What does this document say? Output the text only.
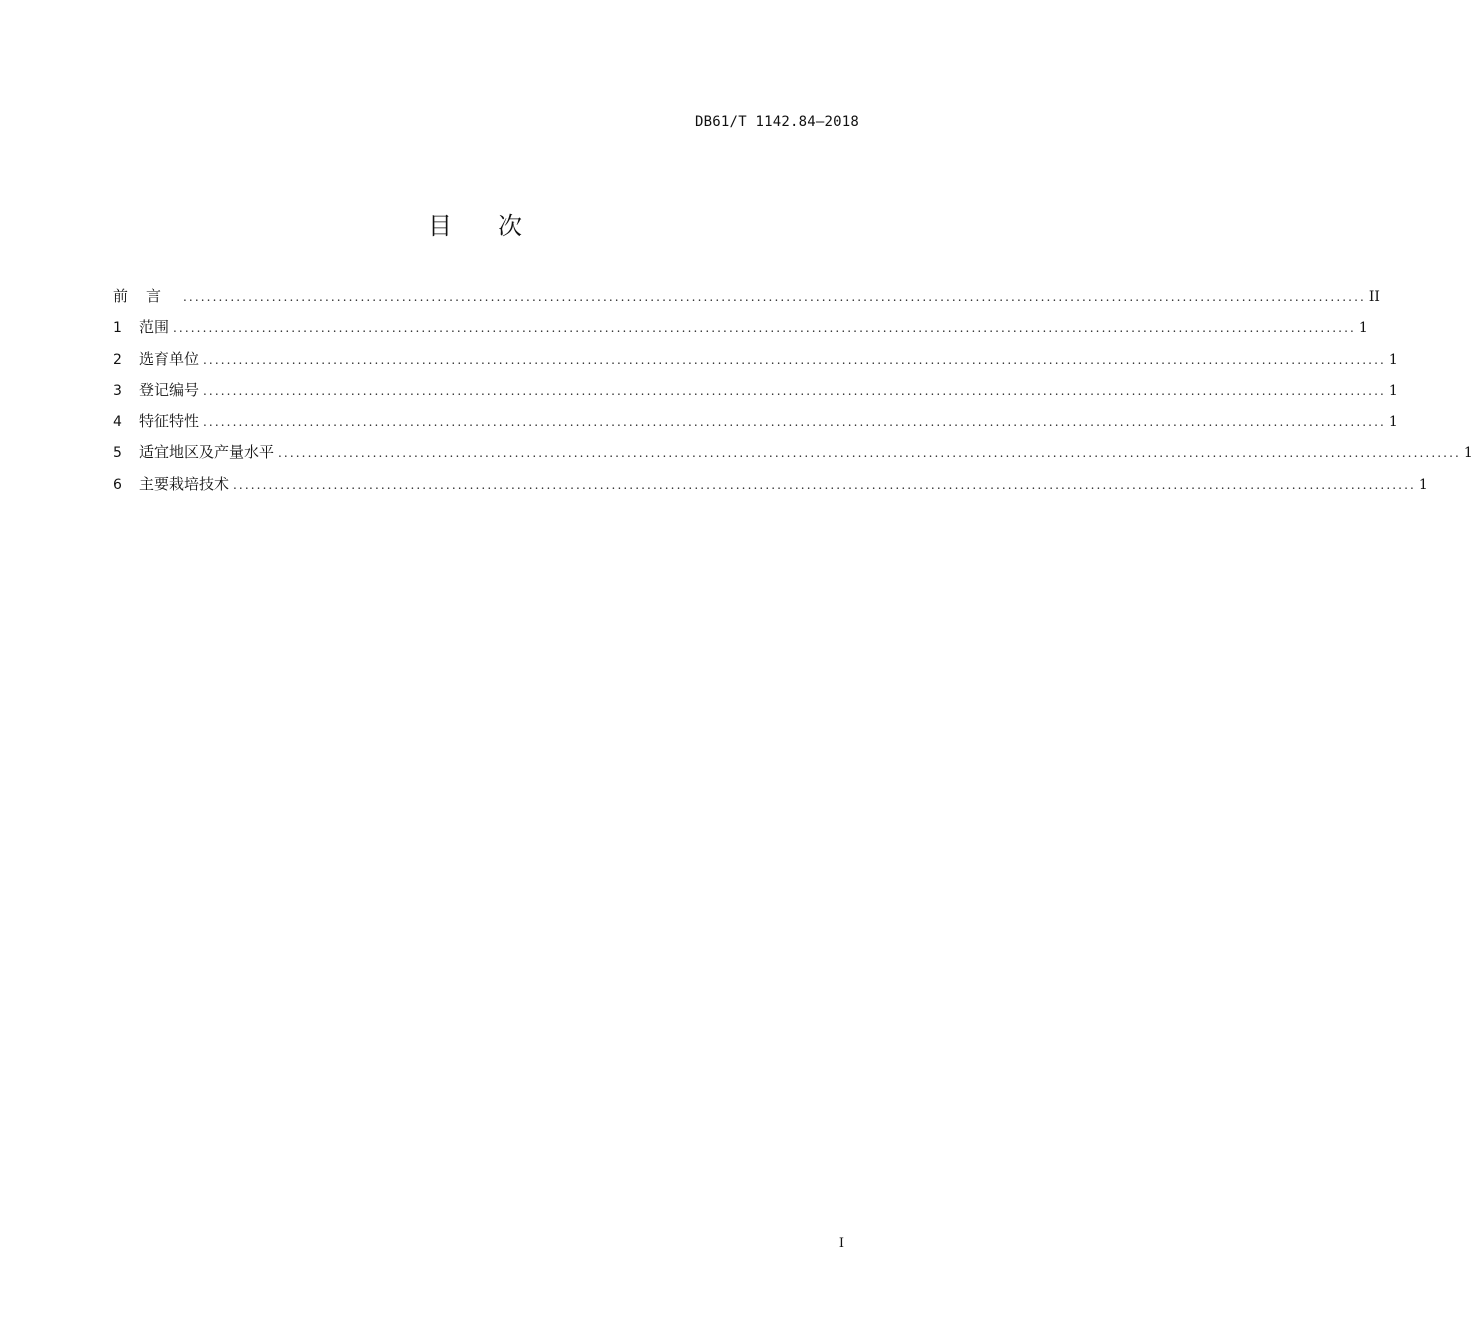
DB61/T 1142.84—2018
目次
前言 ........................................................................................................................................................................................................ II
1	范围 ........................................................................................................................................................................................................ 1
2	选育单位 ........................................................................................................................................................................................................ 1
3	登记编号 ........................................................................................................................................................................................................ 1
4	特征特性 ........................................................................................................................................................................................................ 1
5	适宜地区及产量水平 ........................................................................................................................................................................................................ 1
6	主要栽培技术 ........................................................................................................................................................................................................ 1
I
